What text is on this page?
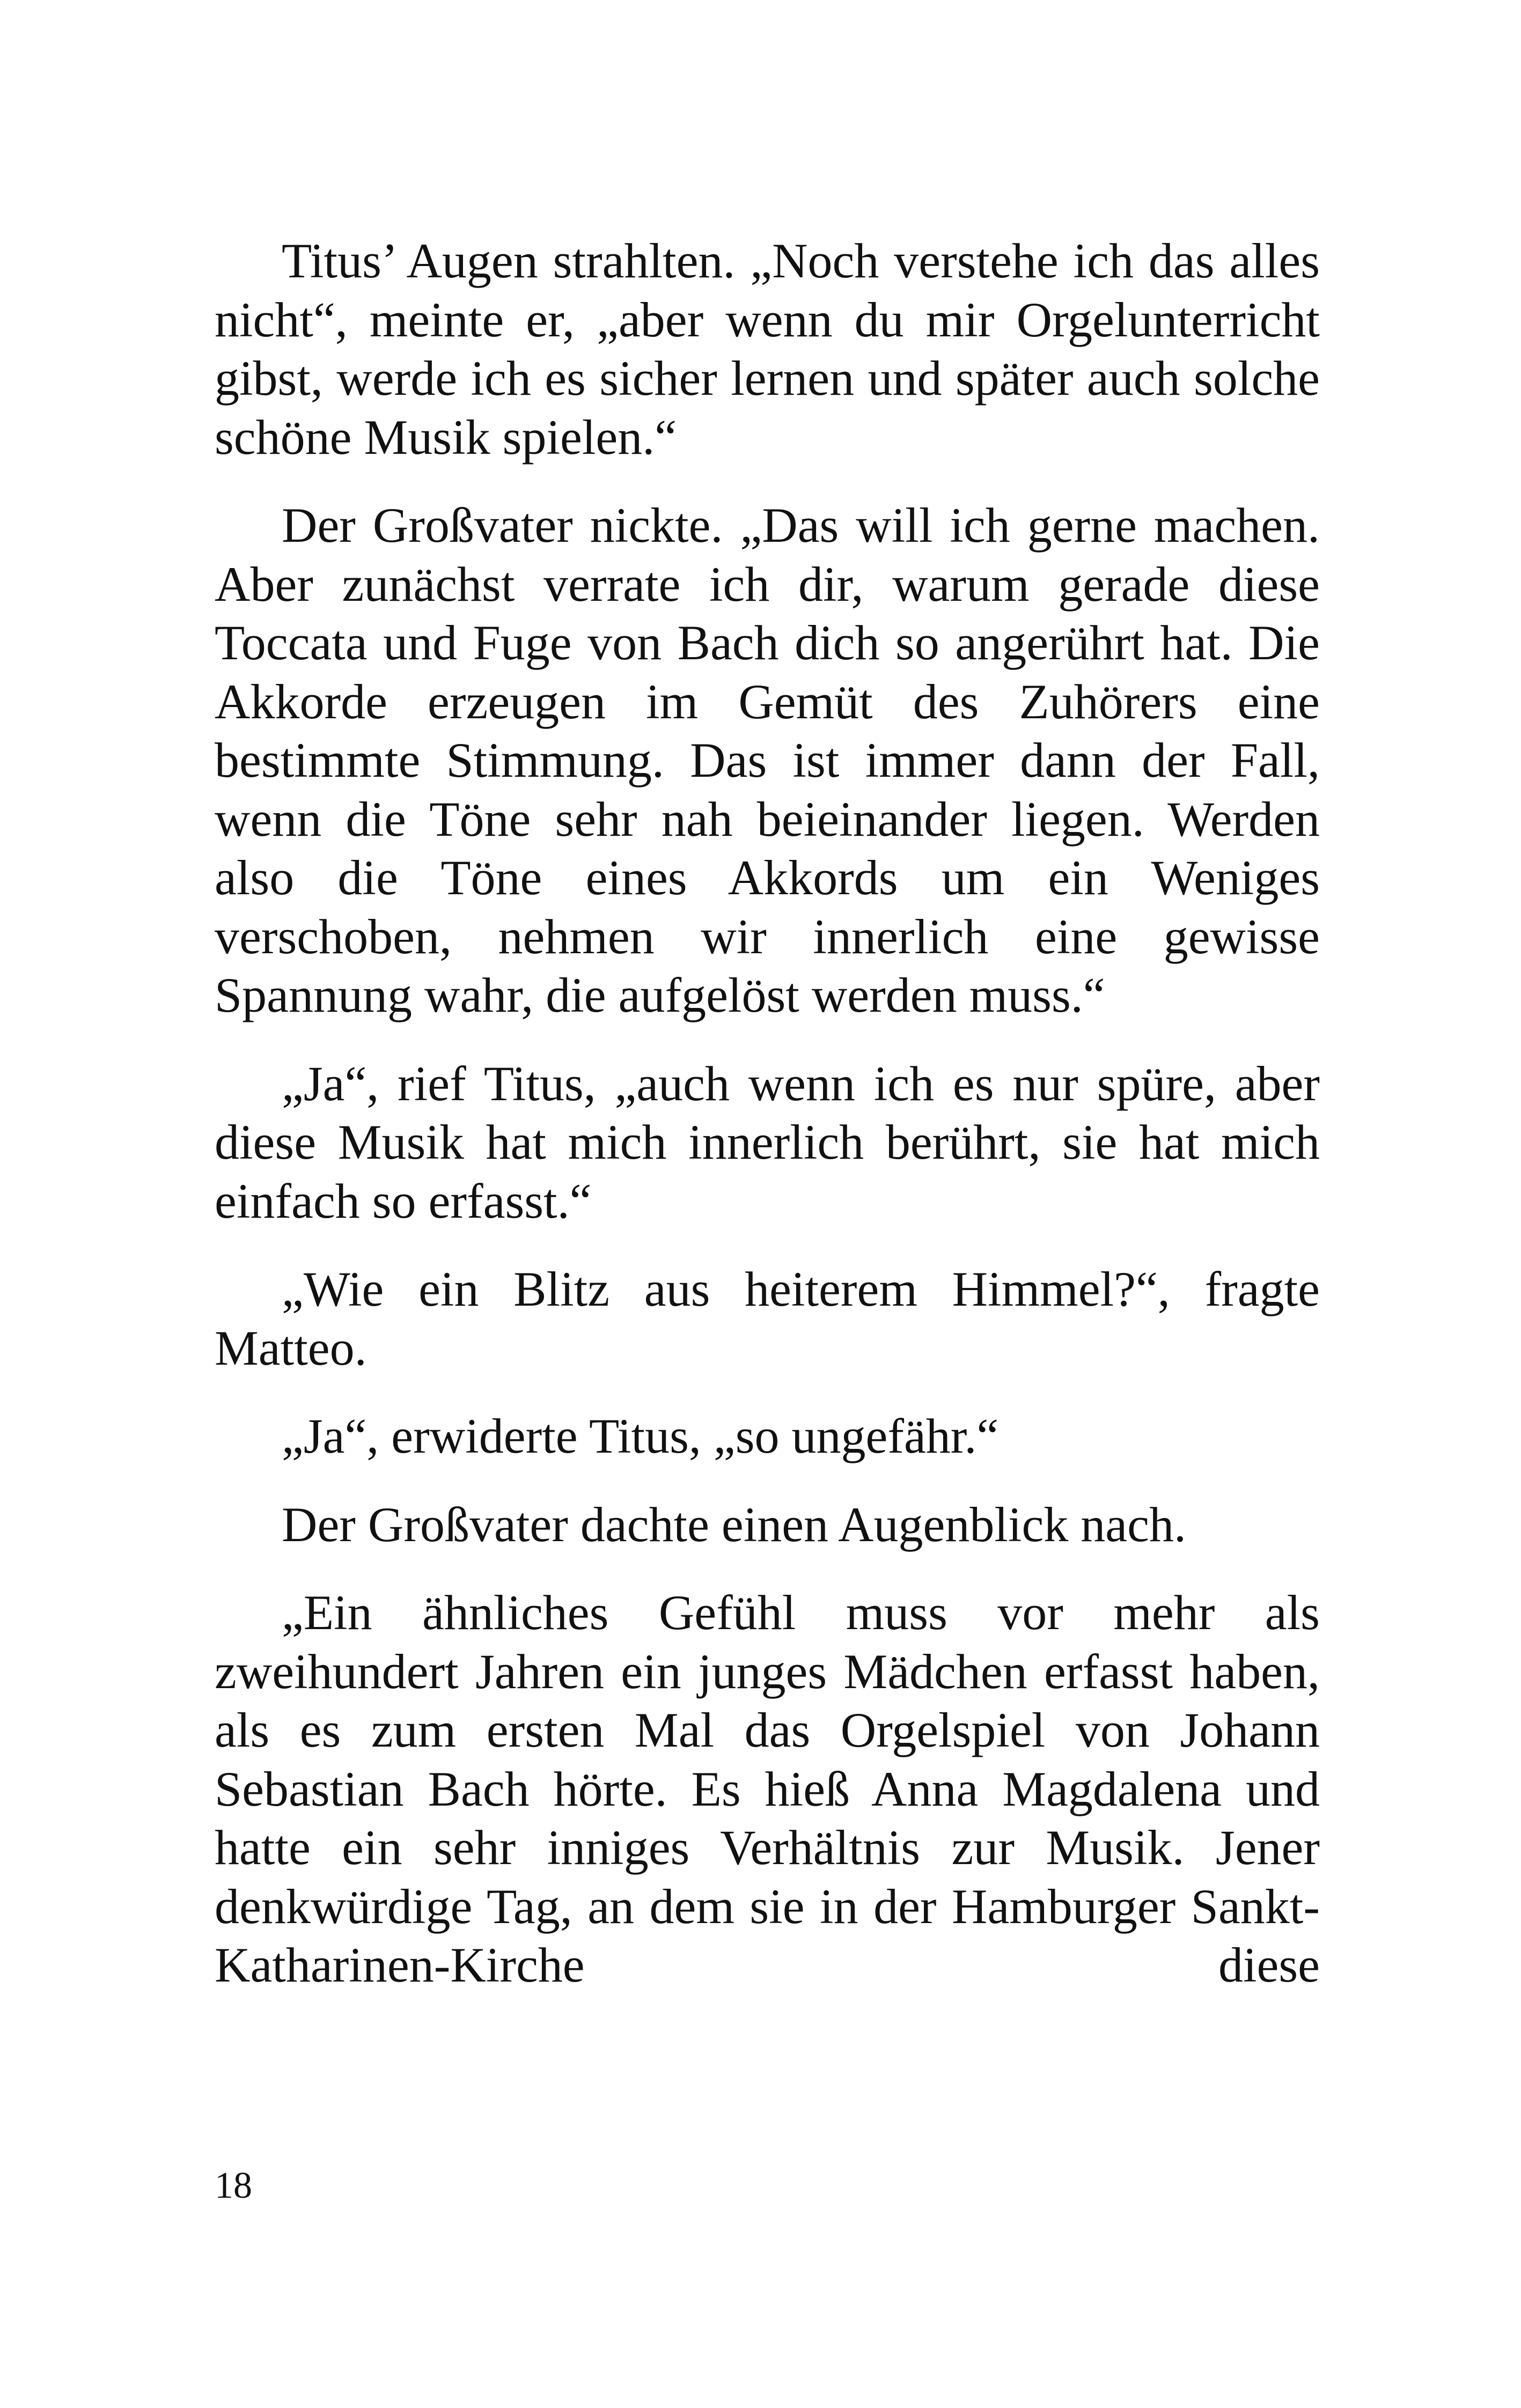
Titus’ Augen strahlten. „Noch verstehe ich das alles nicht“, meinte er, „aber wenn du mir Orgelunterricht gibst, werde ich es sicher lernen und später auch solche schöne Musik spielen.“

Der Großvater nickte. „Das will ich gerne machen. Aber zunächst verrate ich dir, warum gerade diese Toccata und Fuge von Bach dich so angerührt hat. Die Akkorde erzeugen im Gemüt des Zuhörers eine bestimmte Stimmung. Das ist immer dann der Fall, wenn die Töne sehr nah beieinander liegen. Werden also die Töne eines Akkords um ein Weniges verschoben, nehmen wir innerlich eine gewisse Spannung wahr, die aufgelöst werden muss.“

„Ja“, rief Titus, „auch wenn ich es nur spüre, aber diese Musik hat mich innerlich berührt, sie hat mich einfach so erfasst.“

„Wie ein Blitz aus heiterem Himmel?“, fragte Matteo.

„Ja“, erwiderte Titus, „so ungefähr.“

Der Großvater dachte einen Augenblick nach.

„Ein ähnliches Gefühl muss vor mehr als zweihundert Jahren ein junges Mädchen erfasst haben, als es zum ersten Mal das Orgelspiel von Johann Sebastian Bach hörte. Es hieß Anna Magdalena und hatte ein sehr inniges Verhältnis zur Musik. Jener denkwürdige Tag, an dem sie in der Hamburger Sankt-Katharinen-Kirche diese

18
